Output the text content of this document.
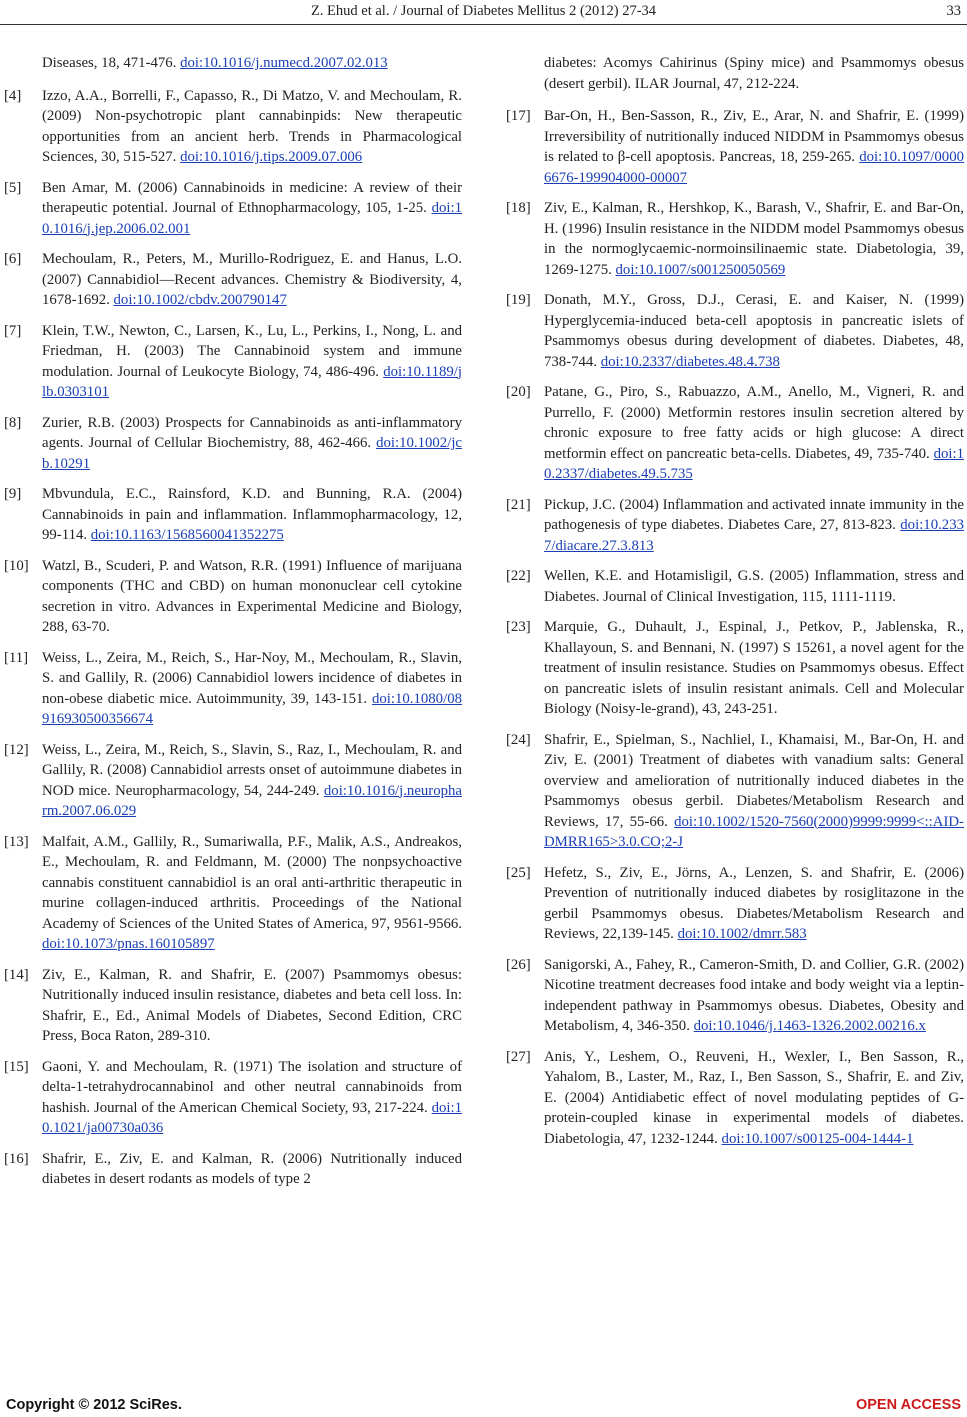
Z. Ehud et al. / Journal of Diabetes Mellitus 2 (2012) 27-34	33
Diseases, 18, 471-476. doi:10.1016/j.numecd.2007.02.013
[4] Izzo, A.A., Borrelli, F., Capasso, R., Di Matzo, V. and Mechoulam, R. (2009) Non-psychotropic plant cannabinpids: New therapeutic opportunities from an ancient herb. Trends in Pharmacological Sciences, 30, 515-527. doi:10.1016/j.tips.2009.07.006
[5] Ben Amar, M. (2006) Cannabinoids in medicine: A review of their therapeutic potential. Journal of Ethnopharmacology, 105, 1-25. doi:10.1016/j.jep.2006.02.001
[6] Mechoulam, R., Peters, M., Murillo-Rodriguez, E. and Hanus, L.O. (2007) Cannabidiol—Recent advances. Chemistry & Biodiversity, 4, 1678-1692. doi:10.1002/cbdv.200790147
[7] Klein, T.W., Newton, C., Larsen, K., Lu, L., Perkins, I., Nong, L. and Friedman, H. (2003) The Cannabinoid system and immune modulation. Journal of Leukocyte Biology, 74, 486-496. doi:10.1189/jlb.0303101
[8] Zurier, R.B. (2003) Prospects for Cannabinoids as anti-inflammatory agents. Journal of Cellular Biochemistry, 88, 462-466. doi:10.1002/jcb.10291
[9] Mbvundula, E.C., Rainsford, K.D. and Bunning, R.A. (2004) Cannabinoids in pain and inflammation. Inflammopharmacology, 12, 99-114. doi:10.1163/1568560041352275
[10] Watzl, B., Scuderi, P. and Watson, R.R. (1991) Influence of marijuana components (THC and CBD) on human mononuclear cell cytokine secretion in vitro. Advances in Experimental Medicine and Biology, 288, 63-70.
[11] Weiss, L., Zeira, M., Reich, S., Har-Noy, M., Mechoulam, R., Slavin, S. and Gallily, R. (2006) Cannabidiol lowers incidence of diabetes in non-obese diabetic mice. Autoimmunity, 39, 143-151. doi:10.1080/08916930500356674
[12] Weiss, L., Zeira, M., Reich, S., Slavin, S., Raz, I., Mechoulam, R. and Gallily, R. (2008) Cannabidiol arrests onset of autoimmune diabetes in NOD mice. Neuropharmacology, 54, 244-249. doi:10.1016/j.neuropharm.2007.06.029
[13] Malfait, A.M., Gallily, R., Sumariwalla, P.F., Malik, A.S., Andreakos, E., Mechoulam, R. and Feldmann, M. (2000) The nonpsychoactive cannabis constituent cannabidiol is an oral anti-arthritic therapeutic in murine collagen-induced arthritis. Proceedings of the National Academy of Sciences of the United States of America, 97, 9561-9566. doi:10.1073/pnas.160105897
[14] Ziv, E., Kalman, R. and Shafrir, E. (2007) Psammomys obesus: Nutritionally induced insulin resistance, diabetes and beta cell loss. In: Shafrir, E., Ed., Animal Models of Diabetes, Second Edition, CRC Press, Boca Raton, 289-310.
[15] Gaoni, Y. and Mechoulam, R. (1971) The isolation and structure of delta-1-tetrahydrocannabinol and other neutral cannabinoids from hashish. Journal of the American Chemical Society, 93, 217-224. doi:10.1021/ja00730a036
[16] Shafrir, E., Ziv, E. and Kalman, R. (2006) Nutritionally induced diabetes in desert rodants as models of type 2
diabetes: Acomys Cahirinus (Spiny mice) and Psammomys obesus (desert gerbil). ILAR Journal, 47, 212-224.
[17] Bar-On, H., Ben-Sasson, R., Ziv, E., Arar, N. and Shafrir, E. (1999) Irreversibility of nutritionally induced NIDDM in Psammomys obesus is related to β-cell apoptosis. Pancreas, 18, 259-265. doi:10.1097/00006676-199904000-00007
[18] Ziv, E., Kalman, R., Hershkop, K., Barash, V., Shafrir, E. and Bar-On, H. (1996) Insulin resistance in the NIDDM model Psammomys obesus in the normoglycaemic-normoinsilinaemic state. Diabetologia, 39, 1269-1275. doi:10.1007/s001250050569
[19] Donath, M.Y., Gross, D.J., Cerasi, E. and Kaiser, N. (1999) Hyperglycemia-induced beta-cell apoptosis in pancreatic islets of Psammomys obesus during development of diabetes. Diabetes, 48, 738-744. doi:10.2337/diabetes.48.4.738
[20] Patane, G., Piro, S., Rabuazzo, A.M., Anello, M., Vigneri, R. and Purrello, F. (2000) Metformin restores insulin secretion altered by chronic exposure to free fatty acids or high glucose: A direct metformin effect on pancreatic beta-cells. Diabetes, 49, 735-740. doi:10.2337/diabetes.49.5.735
[21] Pickup, J.C. (2004) Inflammation and activated innate immunity in the pathogenesis of type diabetes. Diabetes Care, 27, 813-823. doi:10.2337/diacare.27.3.813
[22] Wellen, K.E. and Hotamisligil, G.S. (2005) Inflammation, stress and Diabetes. Journal of Clinical Investigation, 115, 1111-1119.
[23] Marquie, G., Duhault, J., Espinal, J., Petkov, P., Jablenska, R., Khallayoun, S. and Bennani, N. (1997) S 15261, a novel agent for the treatment of insulin resistance. Studies on Psammomys obesus. Effect on pancreatic islets of insulin resistant animals. Cell and Molecular Biology (Noisy-le-grand), 43, 243-251.
[24] Shafrir, E., Spielman, S., Nachliel, I., Khamaisi, M., Bar-On, H. and Ziv, E. (2001) Treatment of diabetes with vanadium salts: General overview and amelioration of nutritionally induced diabetes in the Psammomys obesus gerbil. Diabetes/Metabolism Research and Reviews, 17, 55-66. doi:10.1002/1520-7560(2000)9999:9999<::AID-DMRR165>3.0.CO;2-J
[25] Hefetz, S., Ziv, E., Jörns, A., Lenzen, S. and Shafrir, E. (2006) Prevention of nutritionally induced diabetes by rosiglitazone in the gerbil Psammomys obesus. Diabetes/Metabolism Research and Reviews, 22,139-145. doi:10.1002/dmrr.583
[26] Sanigorski, A., Fahey, R., Cameron-Smith, D. and Collier, G.R. (2002) Nicotine treatment decreases food intake and body weight via a leptin-independent pathway in Psammomys obesus. Diabetes, Obesity and Metabolism, 4, 346-350. doi:10.1046/j.1463-1326.2002.00216.x
[27] Anis, Y., Leshem, O., Reuveni, H., Wexler, I., Ben Sasson, R., Yahalom, B., Laster, M., Raz, I., Ben Sasson, S., Shafrir, E. and Ziv, E. (2004) Antidiabetic effect of novel modulating peptides of G-protein-coupled kinase in experimental models of diabetes. Diabetologia, 47, 1232-1244. doi:10.1007/s00125-004-1444-1
Copyright © 2012 SciRes.	OPEN ACCESS
